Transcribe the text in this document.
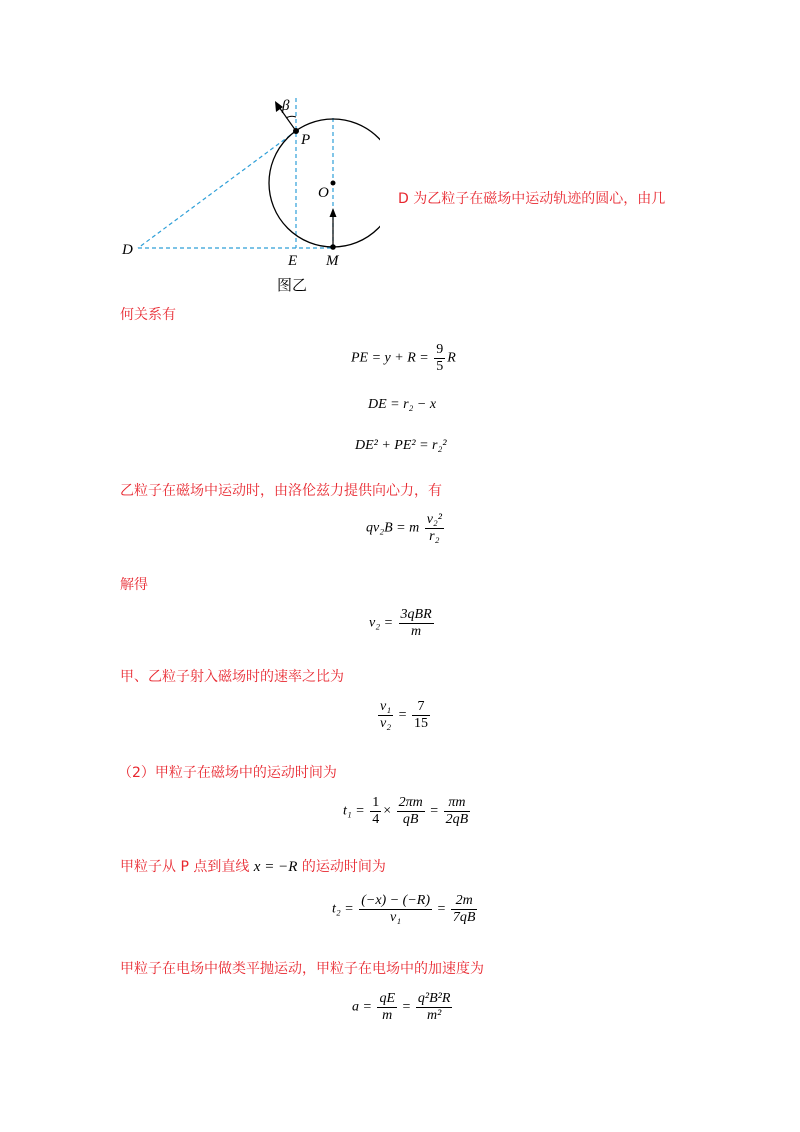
β
P
O
D
E M
图乙
D 为乙粒子在磁场中运动轨迹的圆心，由几
何关系有
PE = $y + R = \frac{9}{5}$ R
DE = r₂ − x
DE² + PE² = r₂²
乙粒子在磁场中运动时，由洛伦兹力提供向心力，有
qv₂B = m $\frac{\text{v₂²}}{\text{r₂}}$
解得
$v_2 = \frac{\text{3qBR}}{m}$
甲、乙粒子射入磁场时的速率之比为
$\frac{\text{v₁}}{\text{v₂}} = \frac{7}{15}$
（2）甲粒子在磁场中的运动时间为
$t_1 = \frac{1}{4} \times \frac{2\pi m}{qB} = \frac{\pi m}{2qB}$
甲粒子从 P 点到直线 x = −R 的运动时间为
$t_2 = \frac{(-x) - (-R)}{\text{v₁}} = \frac{2m}{7qB}$
甲粒子在电场中做类平抛运动，甲粒子在电场中的加速度为
$a = \frac{qE}{m} = \frac{\text{q²B²R}}{\text{m²}}$
